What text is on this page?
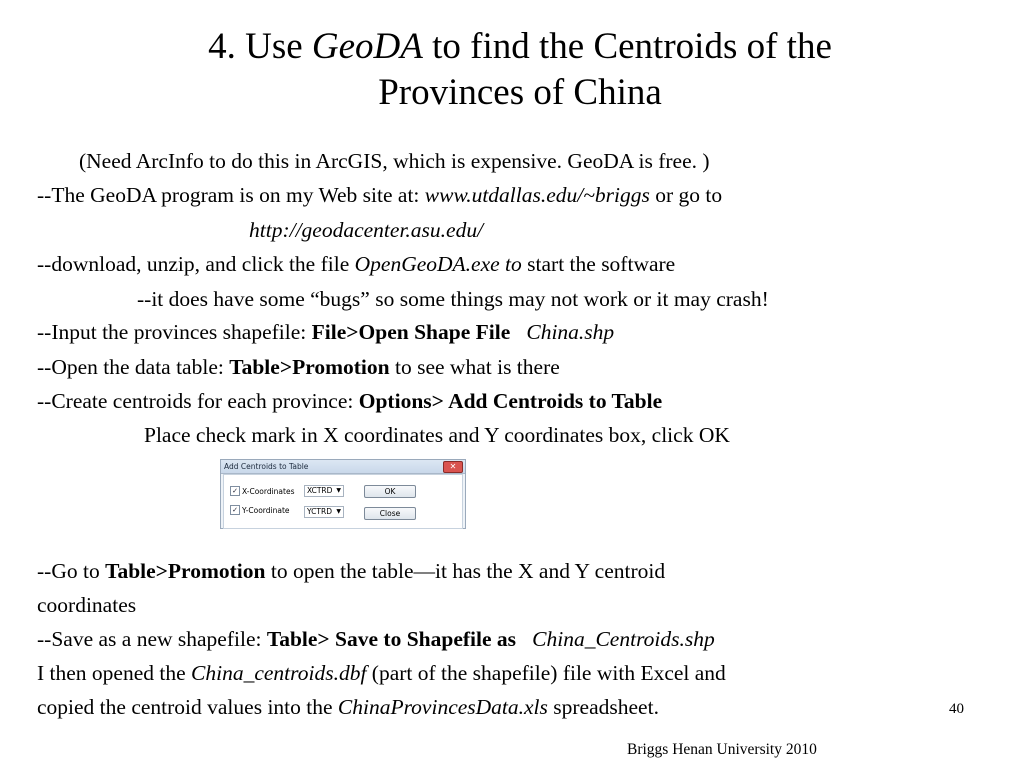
4. Use GeoDA to find the Centroids of the
Provinces of China
(Need ArcInfo to do this in ArcGIS, which is expensive. GeoDA is free. )
--The GeoDA program is on my Web site at: www.utdallas.edu/~briggs or go to
http://geodacenter.asu.edu/
--download, unzip, and click the file OpenGeoDA.exe to start the software
--it does have some “bugs” so some things may not work or it may crash!
--Input the provinces shapefile: File>Open Shape File China.shp
--Open the data table: Table>Promotion to see what is there
--Create centroids for each province: Options> Add Centroids to Table
Place check mark in X coordinates and Y coordinates box, click OK
Add Centroids to Table	✕
✓ X-Coordinates
✓ Y-Coordinate
XCTRD ▼
YCTRD ▼
OK
Close
--Go to Table>Promotion to open the table—it has the X and Y centroid
coordinates
--Save as a new shapefile: Table> Save to Shapefile as China_Centroids.shp
I then opened the China_centroids.dbf (part of the shapefile) file with Excel and
copied the centroid values into the ChinaProvincesData.xls spreadsheet.	40
Briggs Henan University 2010
